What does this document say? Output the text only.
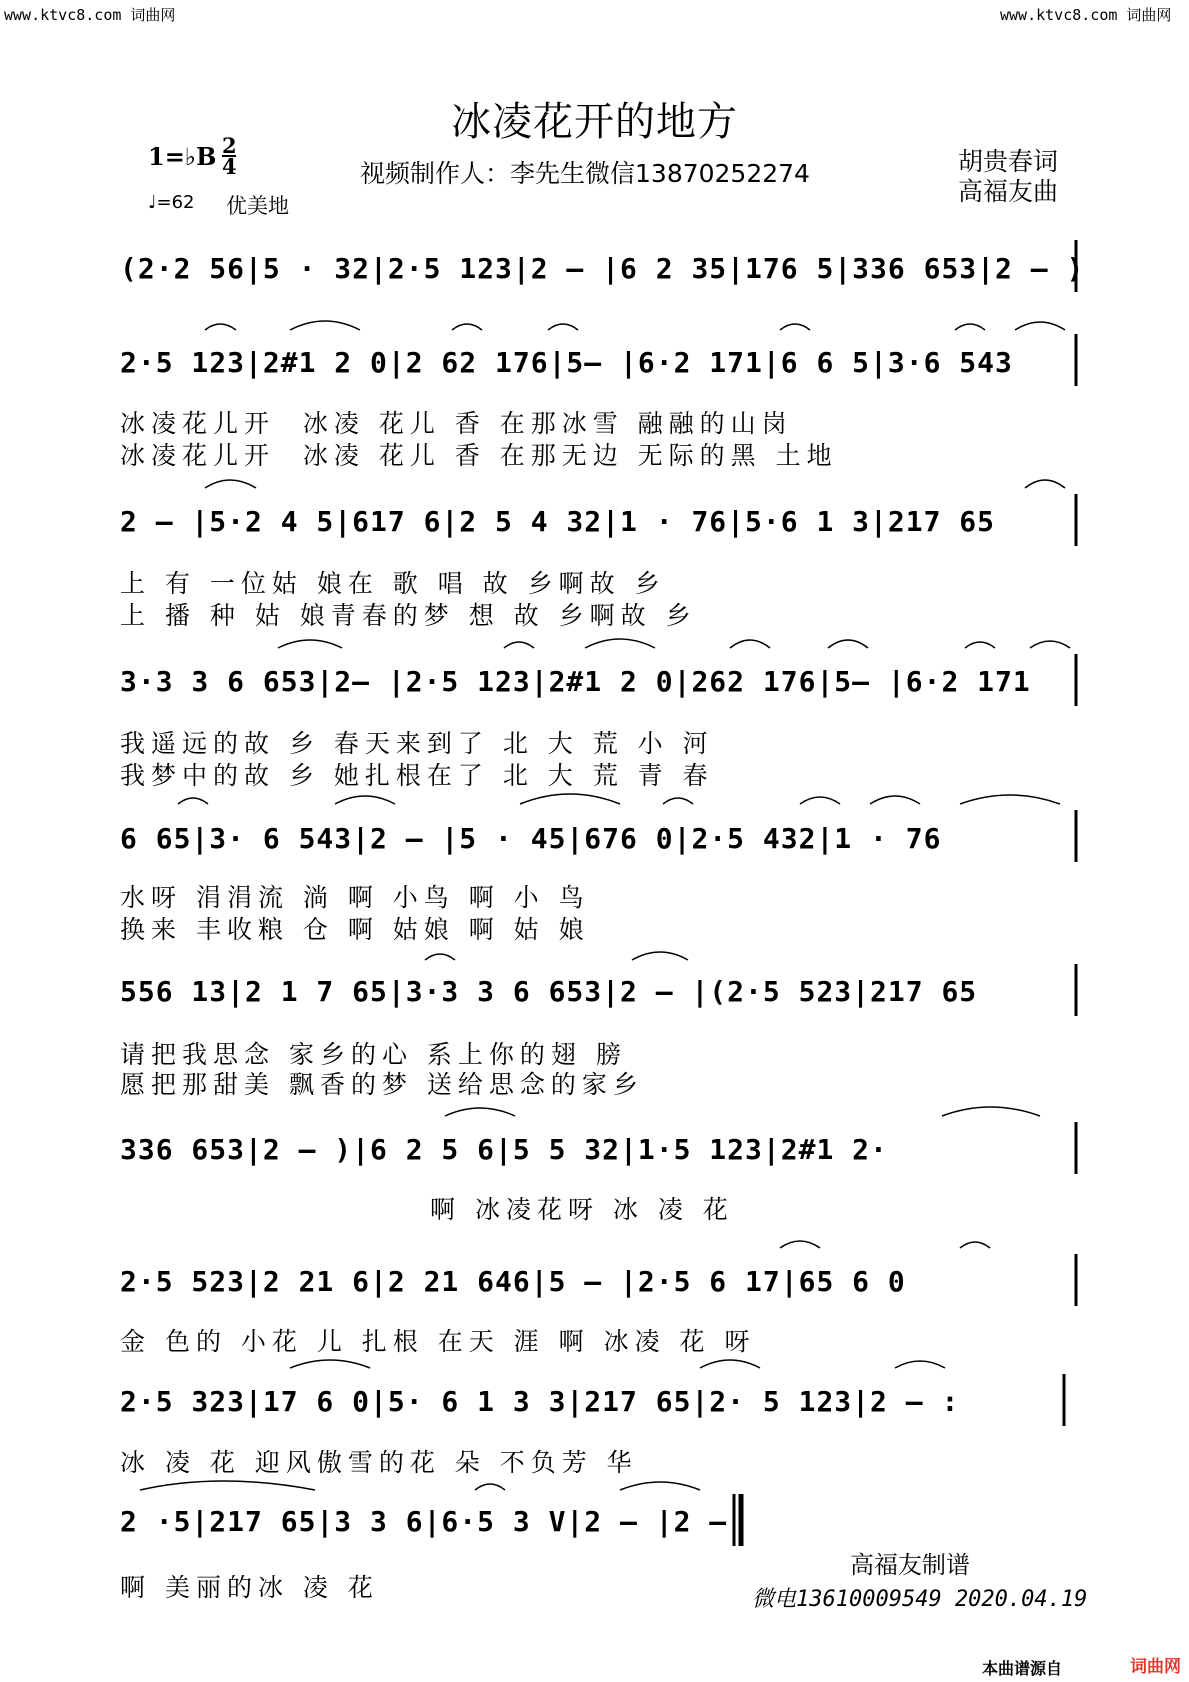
www.ktvc8.com 词曲网	www.ktvc8.com 词曲网
冰凌花开的地方
1=♭B 2
4	视频制作人：李先生微信13870252274	胡贵春词
高福友曲
♩=62 优美地
(2·2 56|5 · 32|2·5 123|2 – |6 2 35|176 5|336 653|2 – )
2·5 123|2#1 2 0|2 62 176|5– |6·2 171|6 6 5|3·6 543
冰凌花儿开  冰凌 花儿 香 在那冰雪 融融的山岗
冰凌花儿开  冰凌 花儿 香 在那无边 无际的黑 土地
2 – |5·2 4 5|617 6|2 5 4 32|1 · 76|5·6 1 3|217 65
上 有 一位姑 娘在 歌 唱 故 乡啊故 乡
上 播 种 姑 娘青春的梦 想 故 乡啊故 乡
3·3 3 6 653|2– |2·5 123|2#1 2 0|262 176|5– |6·2 171
我遥远的故 乡 春天来到了 北 大 荒 小 河
我梦中的故 乡 她扎根在了 北 大 荒 青 春
6 65|3· 6 543|2 – |5 · 45|676 0|2·5 432|1 · 76
水呀 涓涓流 淌 啊 小鸟 啊 小 鸟
换来 丰收粮 仓 啊 姑娘 啊 姑 娘
556 13|2 1 7 65|3·3 3 6 653|2 – |(2·5 523|217 65
请把我思念 家乡的心 系上你的翅 膀
愿把那甜美 飘香的梦 送给思念的家乡
336 653|2 – )|6 2 5 6|5 5 32|1·5 123|2#1 2·
啊 冰凌花呀 冰 凌 花
2·5 523|2 21 6|2 21 646|5 – |2·5 6 17|65 6 0
金 色的 小花 儿 扎根 在天 涯 啊 冰凌 花 呀
2·5 323|17 6 0|5· 6 1 3 3|217 65|2· 5 123|2 – :
冰 凌 花 迎风傲雪的花 朵 不负芳 华
2 ·5|217 65|3 3 6|6·5 3 V|2 – |2 –
啊 美丽的冰 凌 花
高福友制谱
微电13610009549 2020.04.19
本曲谱源自	词曲网
